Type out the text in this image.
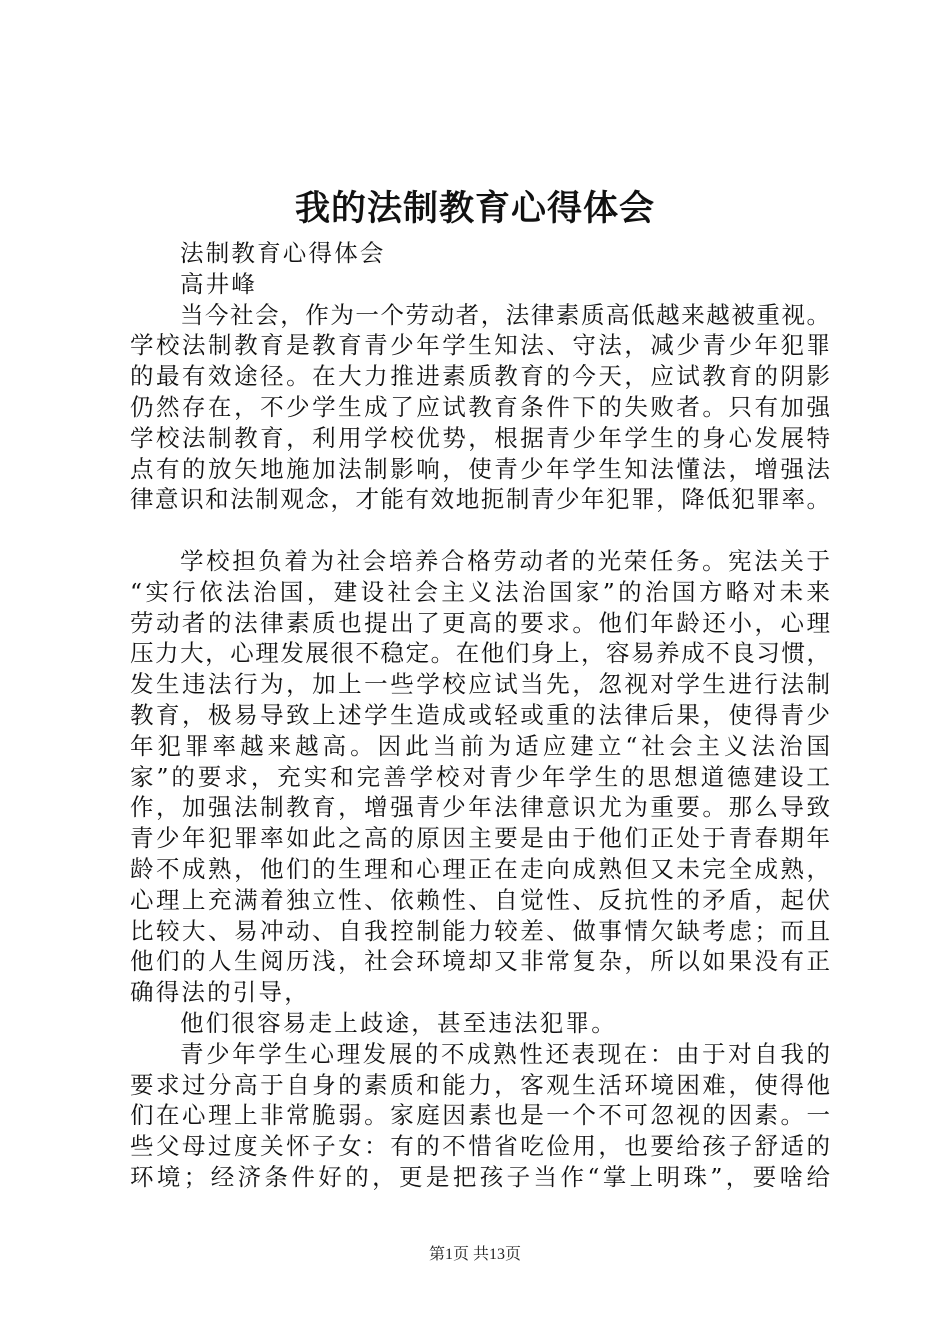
我的法制教育心得体会
法制教育心得体会
高井峰
当今社会，作为一个劳动者，法律素质高低越来越被重视。
学校法制教育是教育青少年学生知法、守法，减少青少年犯罪
的最有效途径。在大力推进素质教育的今天，应试教育的阴影
仍然存在，不少学生成了应试教育条件下的失败者。只有加强
学校法制教育，利用学校优势，根据青少年学生的身心发展特
点有的放矢地施加法制影响，使青少年学生知法懂法，增强法
律意识和法制观念，才能有效地扼制青少年犯罪，降低犯罪率。
学校担负着为社会培养合格劳动者的光荣任务。宪法关于
“实行依法治国，建设社会主义法治国家”的治国方略对未来
劳动者的法律素质也提出了更高的要求。他们年龄还小，心理
压力大，心理发展很不稳定。在他们身上，容易养成不良习惯，
发生违法行为，加上一些学校应试当先，忽视对学生进行法制
教育，极易导致上述学生造成或轻或重的法律后果，使得青少
年犯罪率越来越高。因此当前为适应建立“社会主义法治国
家”的要求，充实和完善学校对青少年学生的思想道德建设工
作，加强法制教育，增强青少年法律意识尤为重要。那么导致
青少年犯罪率如此之高的原因主要是由于他们正处于青春期年
龄不成熟，他们的生理和心理正在走向成熟但又未完全成熟，
心理上充满着独立性、依赖性、自觉性、反抗性的矛盾，起伏
比较大、易冲动、自我控制能力较差、做事情欠缺考虑；而且
他们的人生阅历浅，社会环境却又非常复杂，所以如果没有正
确得法的引导，
他们很容易走上歧途，甚至违法犯罪。
青少年学生心理发展的不成熟性还表现在：由于对自我的
要求过分高于自身的素质和能力，客观生活环境困难，使得他
们在心理上非常脆弱。家庭因素也是一个不可忽视的因素。一
些父母过度关怀子女：有的不惜省吃俭用，也要给孩子舒适的
环境；经济条件好的，更是把孩子当作“掌上明珠”，要啥给
第1页 共13页
